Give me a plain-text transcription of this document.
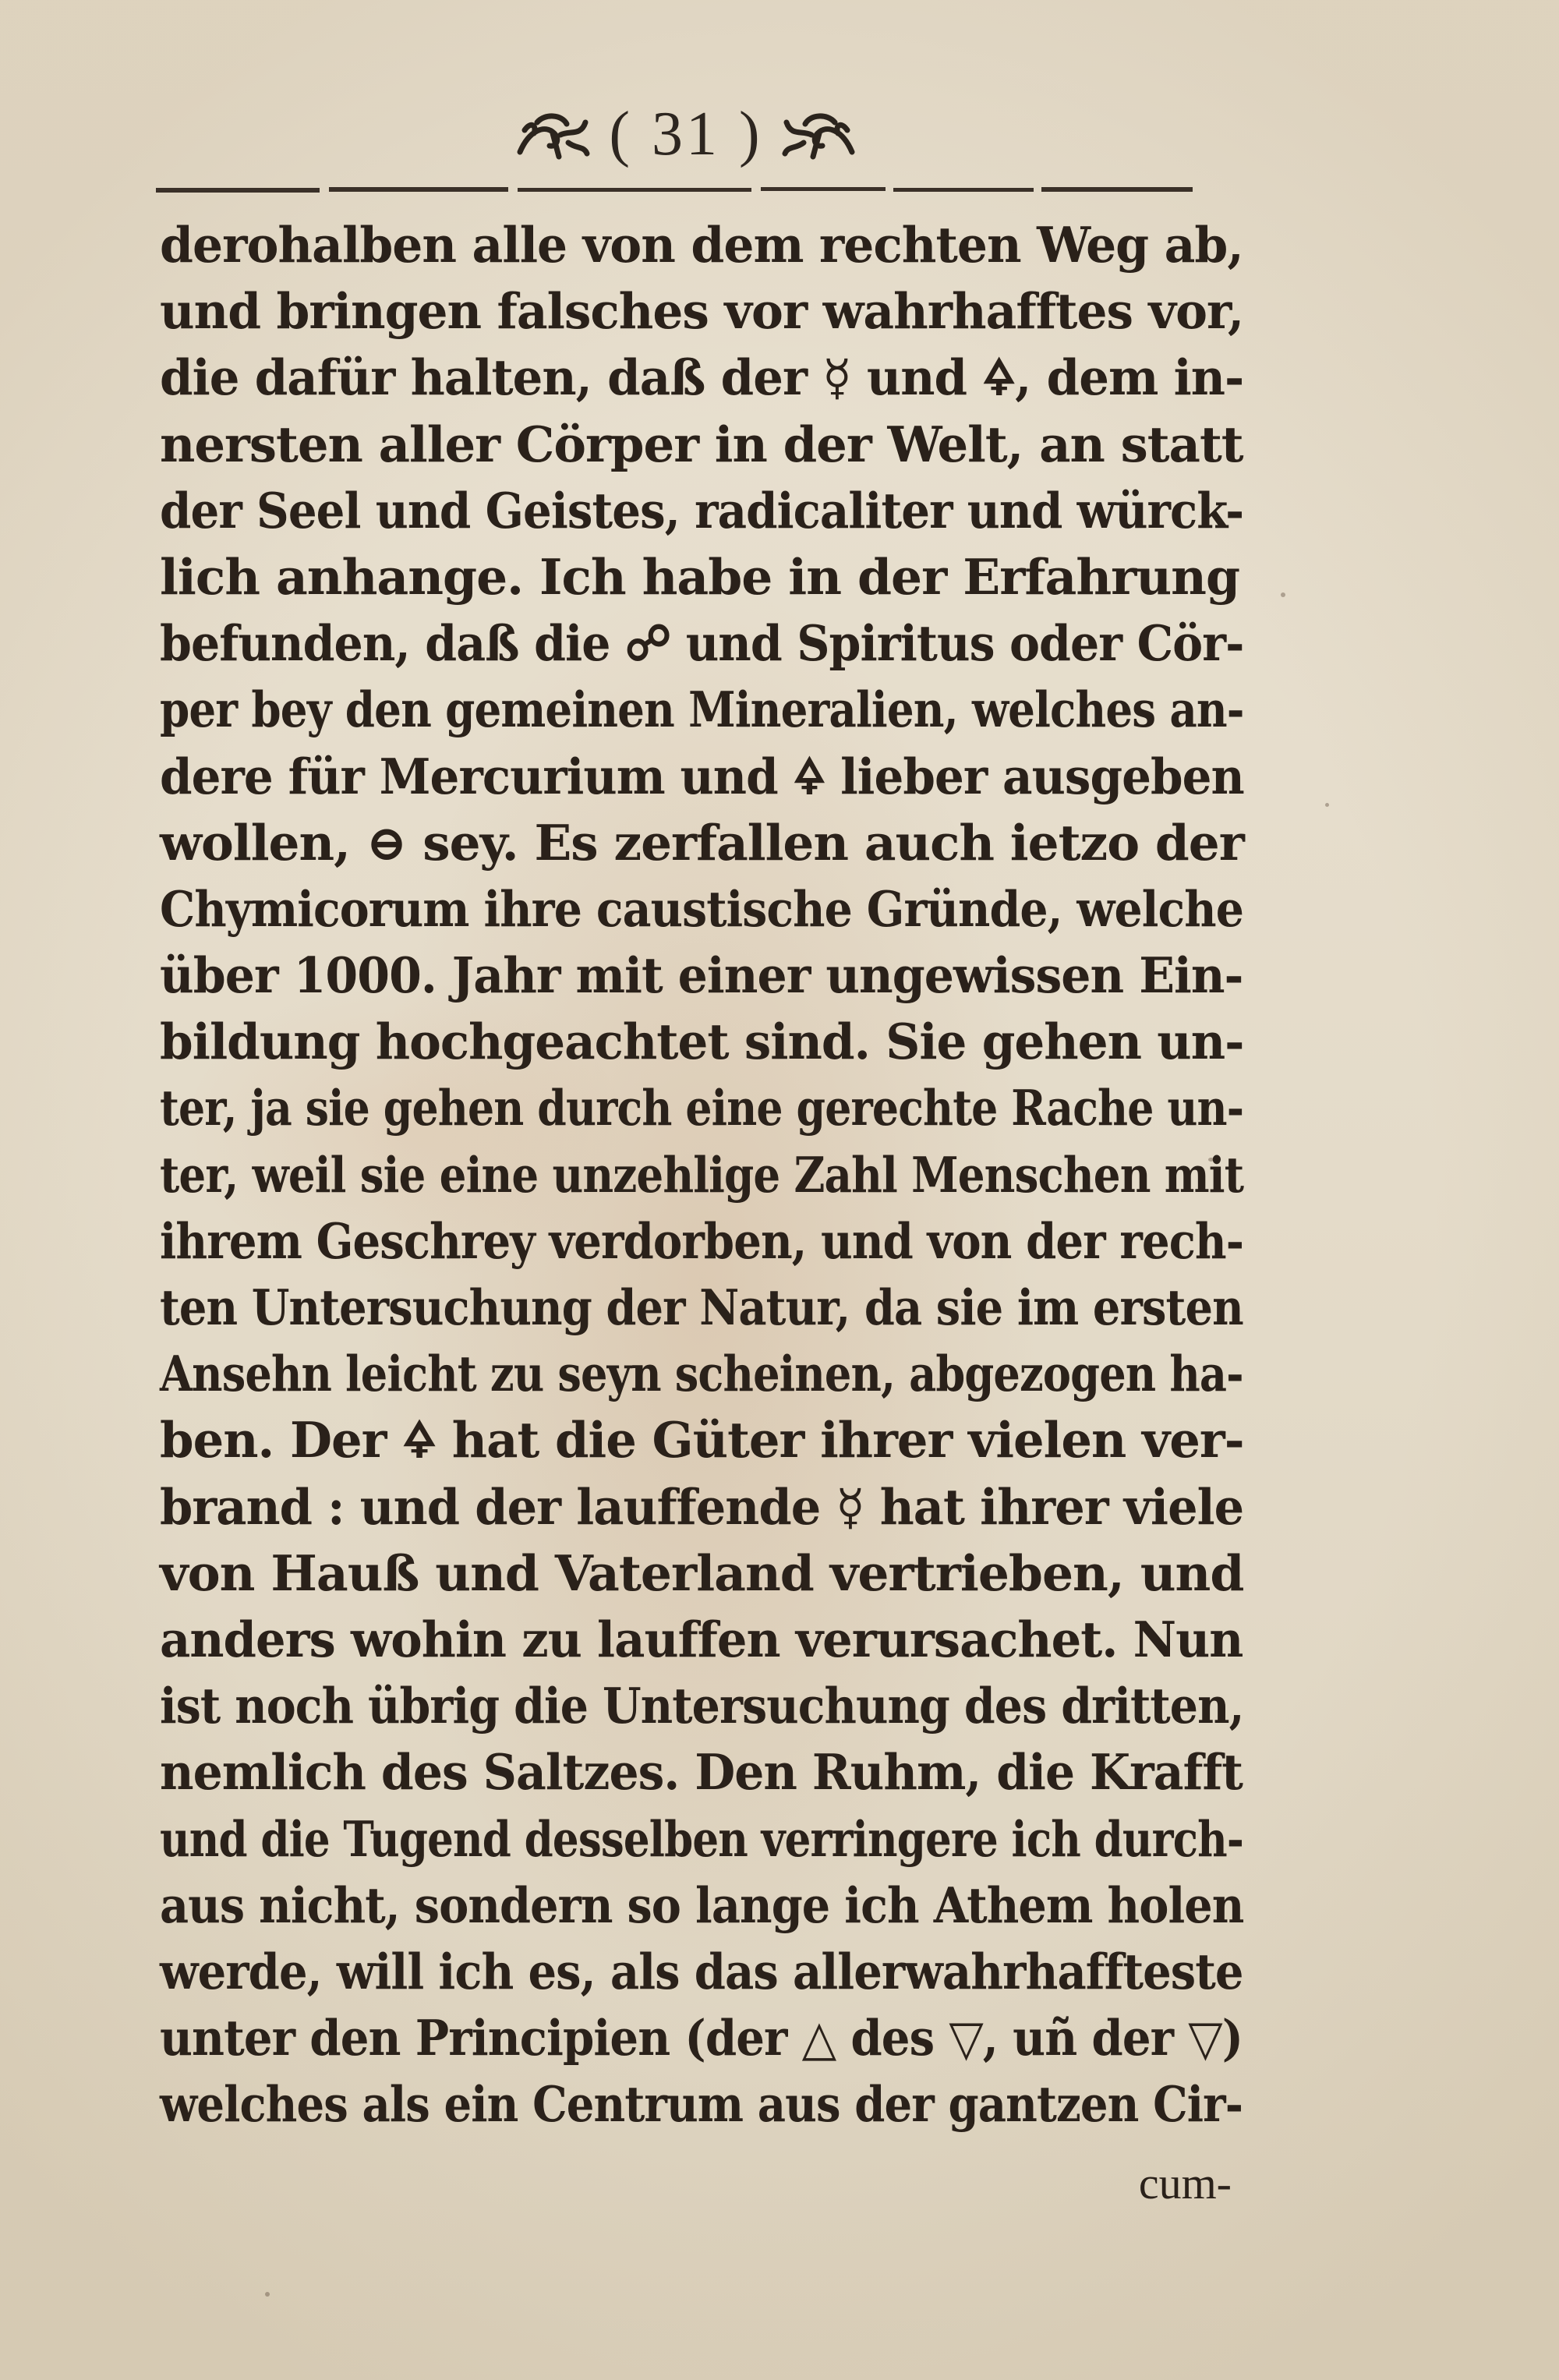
( 31 )
derohalben alle von dem rechten Weg ab,
und bringen falsches vor wahrhafftes vor,
die dafür halten, daß der ☿ und 🜍, dem in-
nersten aller Cörper in der Welt, an statt
der Seel und Geistes, radicaliter und würck-
lich anhange. Ich habe in der Erfahrung
befunden, daß die ☍ und Spiritus oder Cör-
per bey den gemeinen Mineralien, welches an-
dere für Mercurium und 🜍 lieber ausgeben
wollen, ⊖ sey. Es zerfallen auch ietzo der
Chymicorum ihre caustische Gründe, welche
über 1000. Jahr mit einer ungewissen Ein-
bildung hochgeachtet sind. Sie gehen un-
ter, ja sie gehen durch eine gerechte Rache un-
ter, weil sie eine unzehlige Zahl Menschen mit
ihrem Geschrey verdorben, und von der rech-
ten Untersuchung der Natur, da sie im ersten
Ansehn leicht zu seyn scheinen, abgezogen ha-
ben. Der 🜍 hat die Güter ihrer vielen ver-
brand : und der lauffende ☿ hat ihrer viele
von Hauß und Vaterland vertrieben, und
anders wohin zu lauffen verursachet. Nun
ist noch übrig die Untersuchung des dritten,
nemlich des Saltzes. Den Ruhm, die Krafft
und die Tugend desselben verringere ich durch-
aus nicht, sondern so lange ich Athem holen
werde, will ich es, als das allerwahrhaffteste
unter den Principien (der △ des ▽, uñ der ▽)
welches als ein Centrum aus der gantzen Cir-
cum-
